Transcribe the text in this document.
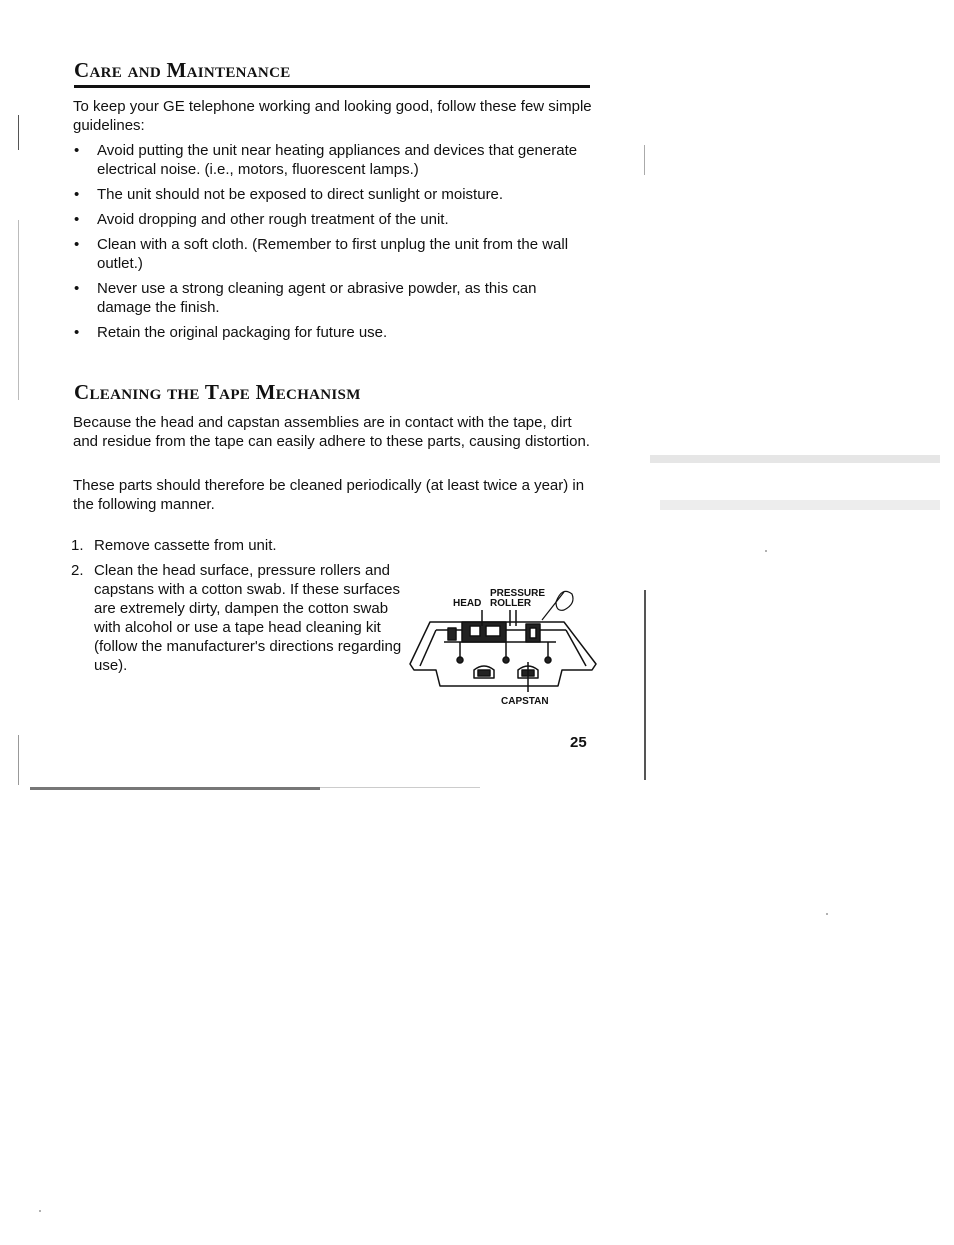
Care and Maintenance

To keep your GE telephone working and looking good, follow these few simple guidelines:

• Avoid putting the unit near heating appliances and devices that generate electrical noise. (i.e., motors, fluorescent lamps.)
• The unit should not be exposed to direct sunlight or moisture.
• Avoid dropping and other rough treatment of the unit.
• Clean with a soft cloth. (Remember to first unplug the unit from the wall outlet.)
• Never use a strong cleaning agent or abrasive powder, as this can damage the finish.
• Retain the original packaging for future use.
Cleaning the Tape Mechanism

Because the head and capstan assemblies are in contact with the tape, dirt and residue from the tape can easily adhere to these parts, causing distortion.

These parts should therefore be cleaned periodically (at least twice a year) in the following manner.

1. Remove cassette from unit.
2. Clean the head surface, pressure rollers and capstans with a cotton swab. If these surfaces are extremely dirty, dampen the cotton swab with alcohol or use a tape head cleaning kit (follow the manufacturer's directions regarding use).

HEAD

PRESSURE

ROLLER

CAPSTAN

25
